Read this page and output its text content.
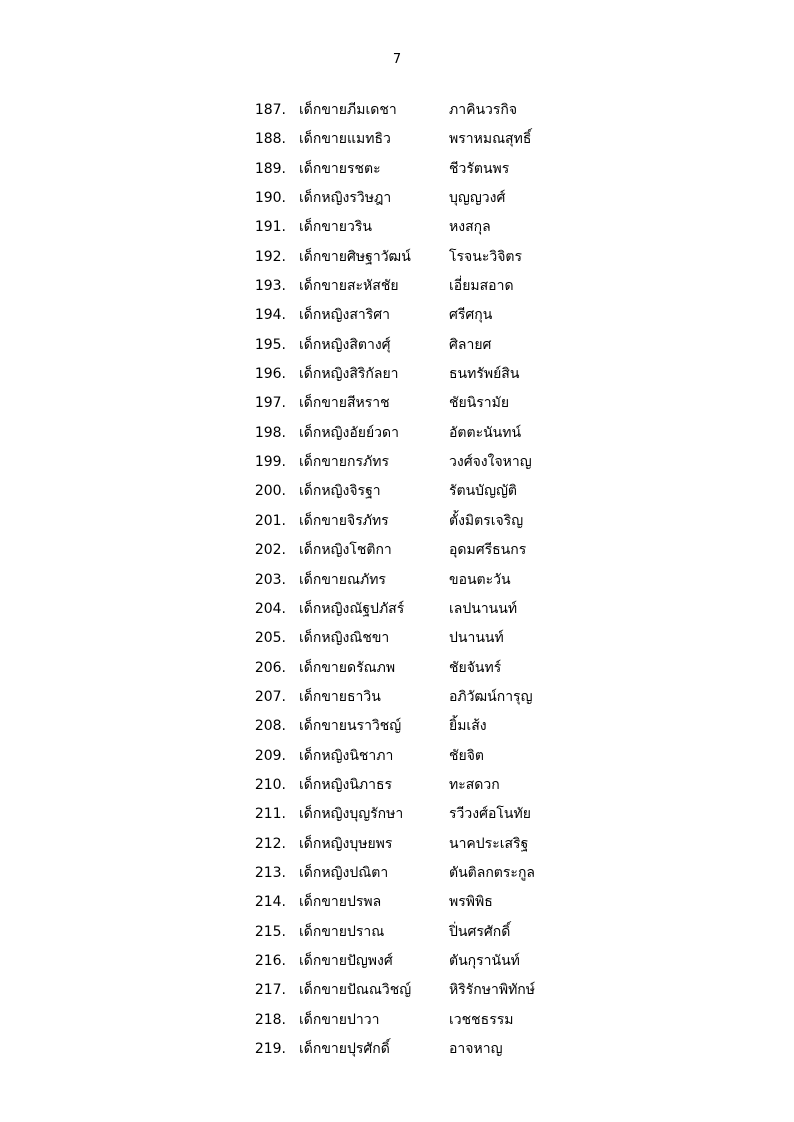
7
187. เด็กขายภีมเดชา	ภาคินวรกิจ
188. เด็กขายแมทธิว	พราหมณสุทธิ์
189. เด็กขายรชตะ	ชีวรัตนพร
190. เด็กหญิงรวิษฎา	บุญญวงศ์
191. เด็กขายวริน	หงสกุล
192. เด็กขายศิษฐาวัฒน์	โรจนะวิจิตร
193. เด็กขายสะหัสชัย	เอี่ยมสอาด
194. เด็กหญิงสาริศา	ศรีศกุน
195. เด็กหญิงสิตางศุ์	ศิลายศ
196. เด็กหญิงสิริกัลยา	ธนทรัพย์สิน
197. เด็กขายสีหราช	ชัยนิรามัย
198. เด็กหญิงอัยย์วดา	อัตตะนันทน์
199. เด็กขายกรภัทร	วงศ์จงใจหาญ
200. เด็กหญิงจิรฐา	รัตนบัญญัติ
201. เด็กขายจิรภัทร	ตั้งมิตรเจริญ
202. เด็กหญิงโชติกา	อุดมศรีธนกร
203. เด็กขายณภัทร	ขอนตะวัน
204. เด็กหญิงณัฐปภัสร์	เลปนานนท์
205. เด็กหญิงณิชขา	ปนานนท์
206. เด็กขายดรัณภพ	ชัยจันทร์
207. เด็กขายธาวิน	อภิวัฒน์การุญ
208. เด็กขายนราวิชญ์	ยิ้มเส้ง
209. เด็กหญิงนิชาภา	ชัยจิต
210. เด็กหญิงนิภาธร	ทะสดวก
211. เด็กหญิงบุญรักษา	รวีวงศ์อโนทัย
212. เด็กหญิงบุษยพร	นาคประเสริฐ
213. เด็กหญิงปณิตา	ตันติลกตระกูล
214. เด็กขายปรพล	พรพิพิธ
215. เด็กขายปราณ	ปิ่นศรศักดิ์
216. เด็กขายปัญพงศ์	ตันกุรานันท์
217. เด็กขายปัณณวิชญ์	หิริรักษาพิทักษ์
218. เด็กขายปาวา	เวชชธรรม
219. เด็กขายปุรศักดิ์	อาจหาญ
